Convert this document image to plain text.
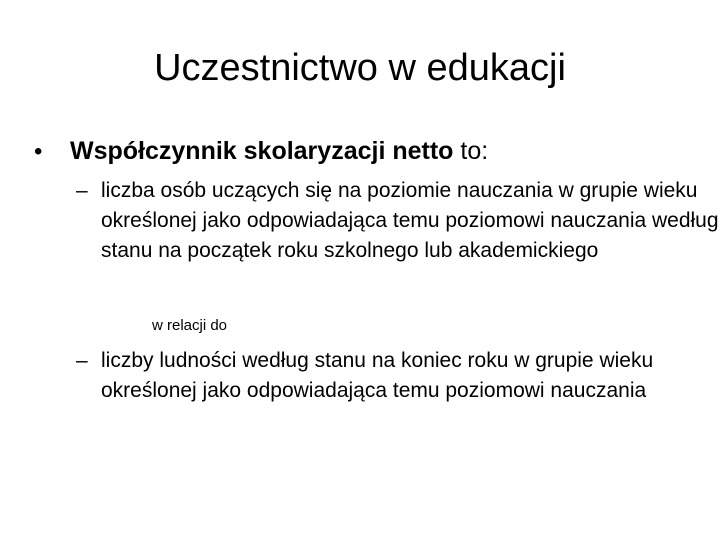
Uczestnictwo w edukacji
• Współczynnik skolaryzacji netto to:
– liczba osób uczących się na poziomie nauczania w grupie wieku określonej jako odpowiadająca temu poziomowi nauczania według stanu na początek roku szkolnego lub akademickiego
w relacji do
– liczby ludności według stanu na koniec roku w grupie wieku określonej jako odpowiadająca temu poziomowi nauczania
